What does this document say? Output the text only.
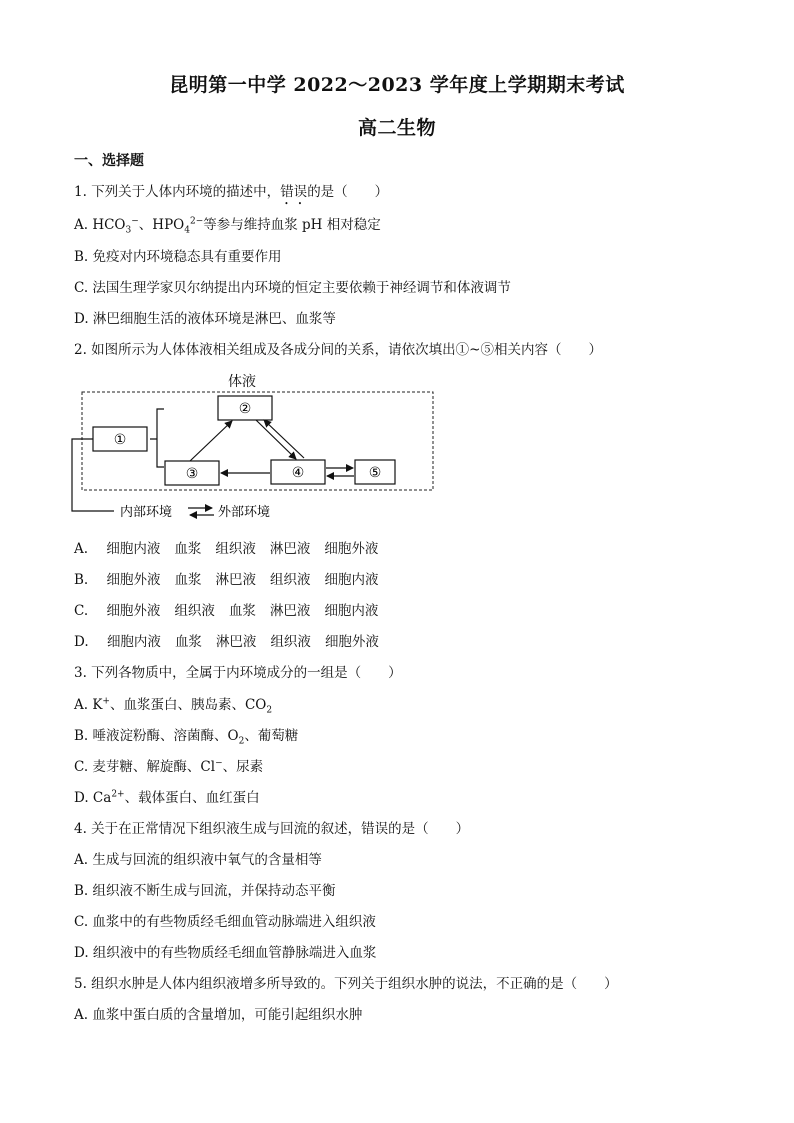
昆明第一中学 2022～2023 学年度上学期期末考试
高二生物
一、选择题
1. 下列关于人体内环境的描述中，错误的是（　　）
A. $HCO_3^-$、$HPO_4^{2-}$等参与维持血浆 pH 相对稳定
B. 免疫对内环境稳态具有重要作用
C. 法国生理学家贝尔纳提出内环境的恒定主要依赖于神经调节和体液调节
D. 淋巴细胞生活的液体环境是淋巴、血浆等
2. 如图所示为人体体液相关组成及各成分间的关系，请依次填出①~⑤相关内容（　　）
体液
①
②
③	④	⑤
内部环境	外部环境
A. 细胞内液 血浆 组织液 淋巴液 细胞外液
B. 细胞外液 血浆 淋巴液 组织液 细胞内液
C. 细胞外液 组织液 血浆 淋巴液 细胞内液
D. 细胞内液 血浆 淋巴液 组织液 细胞外液
3. 下列各物质中，全属于内环境成分的一组是（　　）
A. K+、血浆蛋白、胰岛素、$CO_2$
B. 唾液淀粉酶、溶菌酶、$O_2$、葡萄糖
C. 麦芽糖、解旋酶、Cl−、尿素
D. $Ca^{2+}$、载体蛋白、血红蛋白
4. 关于在正常情况下组织液生成与回流的叙述，错误的是（　　）
A. 生成与回流的组织液中氧气的含量相等
B. 组织液不断生成与回流，并保持动态平衡
C. 血浆中的有些物质经毛细血管动脉端进入组织液
D. 组织液中的有些物质经毛细血管静脉端进入血浆
5. 组织水肿是人体内组织液增多所导致的。下列关于组织水肿的说法，不正确的是（　　）
A. 血浆中蛋白质的含量增加，可能引起组织水肿
